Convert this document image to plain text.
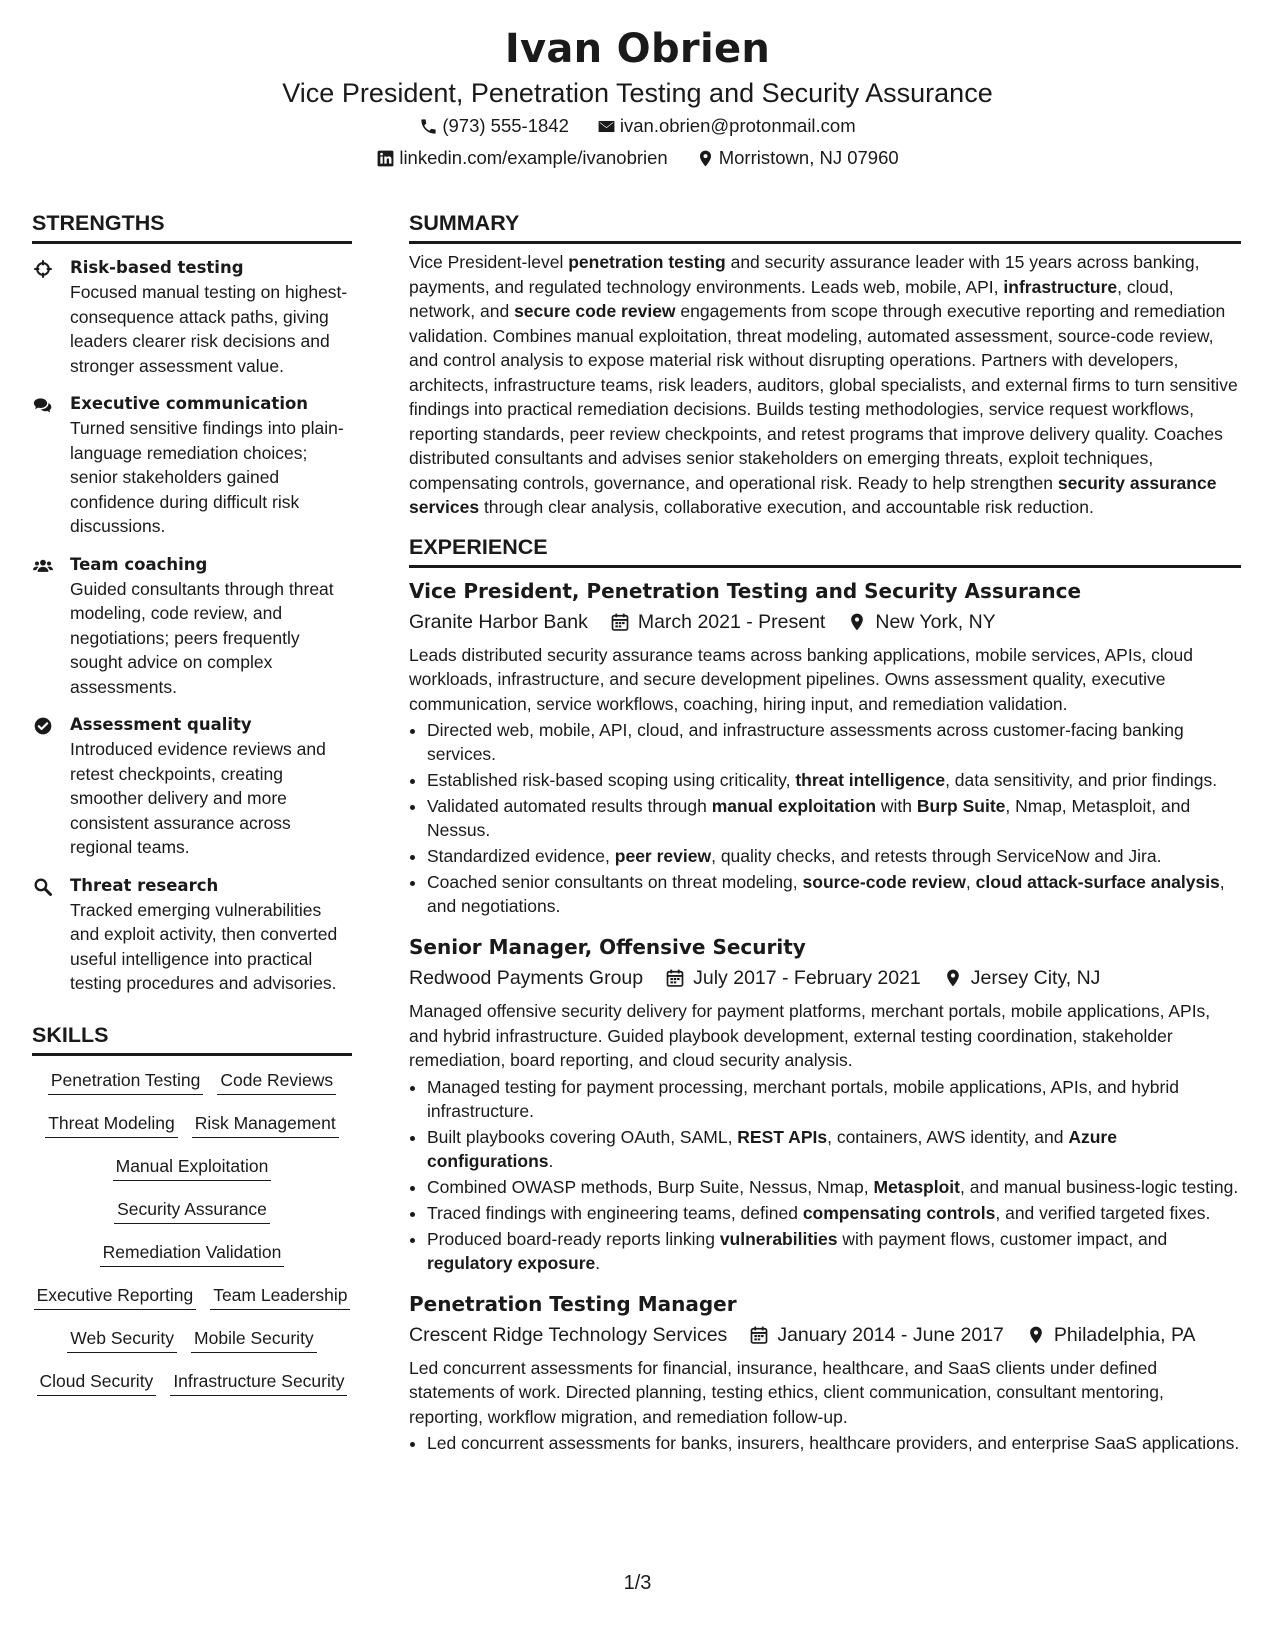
Ivan Obrien
Vice President, Penetration Testing and Security Assurance
(973) 555-1842	ivan.obrien@protonmail.com
linkedin.com/example/ivanobrien	Morristown, NJ 07960
STRENGTHS
Risk-based testing
Focused manual testing on highest-consequence attack paths, giving leaders clearer risk decisions and stronger assessment value.
Executive communication
Turned sensitive findings into plain-language remediation choices; senior stakeholders gained confidence during difficult risk discussions.
Team coaching
Guided consultants through threat modeling, code review, and negotiations; peers frequently sought advice on complex assessments.
Assessment quality
Introduced evidence reviews and retest checkpoints, creating smoother delivery and more consistent assurance across regional teams.
Threat research
Tracked emerging vulnerabilities and exploit activity, then converted useful intelligence into practical testing procedures and advisories.
SKILLS
Penetration Testing Code Reviews
Threat Modeling Risk Management
Manual Exploitation
Security Assurance
Remediation Validation
Executive Reporting Team Leadership
Web Security Mobile Security
Cloud Security Infrastructure Security
SUMMARY
Vice President-level penetration testing and security assurance leader with 15 years across banking, payments, and regulated technology environments. Leads web, mobile, API, infrastructure, cloud, network, and secure code review engagements from scope through executive reporting and remediation validation. Combines manual exploitation, threat modeling, automated assessment, source-code review, and control analysis to expose material risk without disrupting operations. Partners with developers, architects, infrastructure teams, risk leaders, auditors, global specialists, and external firms to turn sensitive findings into practical remediation decisions. Builds testing methodologies, service request workflows, reporting standards, peer review checkpoints, and retest programs that improve delivery quality. Coaches distributed consultants and advises senior stakeholders on emerging threats, exploit techniques, compensating controls, governance, and operational risk. Ready to help strengthen security assurance services through clear analysis, collaborative execution, and accountable risk reduction.
EXPERIENCE
Vice President, Penetration Testing and Security Assurance
Granite Harbor Bank	March 2021 - Present	New York, NY
Leads distributed security assurance teams across banking applications, mobile services, APIs, cloud workloads, infrastructure, and secure development pipelines. Owns assessment quality, executive communication, service workflows, coaching, hiring input, and remediation validation.
• Directed web, mobile, API, cloud, and infrastructure assessments across customer-facing banking services.
• Established risk-based scoping using criticality, threat intelligence, data sensitivity, and prior findings.
• Validated automated results through manual exploitation with Burp Suite, Nmap, Metasploit, and Nessus.
• Standardized evidence, peer review, quality checks, and retests through ServiceNow and Jira.
• Coached senior consultants on threat modeling, source-code review, cloud attack-surface analysis, and negotiations.
Senior Manager, Offensive Security
Redwood Payments Group	July 2017 - February 2021	Jersey City, NJ
Managed offensive security delivery for payment platforms, merchant portals, mobile applications, APIs, and hybrid infrastructure. Guided playbook development, external testing coordination, stakeholder remediation, board reporting, and cloud security analysis.
• Managed testing for payment processing, merchant portals, mobile applications, APIs, and hybrid infrastructure.
• Built playbooks covering OAuth, SAML, REST APIs, containers, AWS identity, and Azure configurations.
• Combined OWASP methods, Burp Suite, Nessus, Nmap, Metasploit, and manual business-logic testing.
• Traced findings with engineering teams, defined compensating controls, and verified targeted fixes.
• Produced board-ready reports linking vulnerabilities with payment flows, customer impact, and regulatory exposure.
Penetration Testing Manager
Crescent Ridge Technology Services	January 2014 - June 2017	Philadelphia, PA
Led concurrent assessments for financial, insurance, healthcare, and SaaS clients under defined statements of work. Directed planning, testing ethics, client communication, consultant mentoring, reporting, workflow migration, and remediation follow-up.
• Led concurrent assessments for banks, insurers, healthcare providers, and enterprise SaaS applications.
1/3
